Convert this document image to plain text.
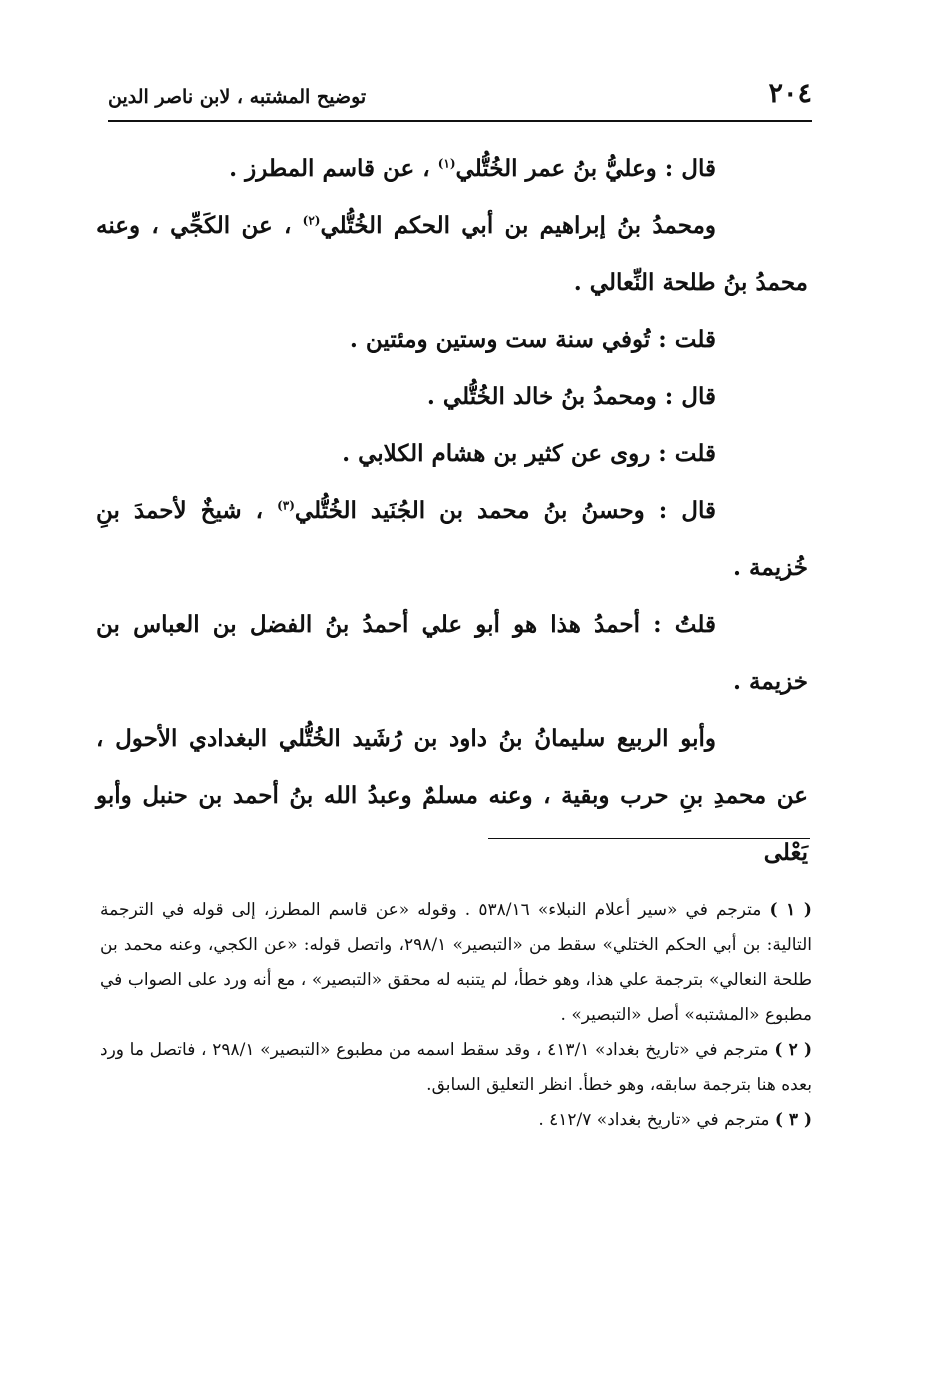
٢٠٤
توضيح المشتبه ، لابن ناصر الدين

قال : وعليُّ بنُ عمر الخُتُّلي$^{(١)}$ ، عن قاسم المطرز .

ومحمدُ بنُ إبراهيم بن أبي الحكم الخُتُّلي$^{(٢)}$ ، عن الكَجِّي ، وعنه محمدُ بنُ طلحة النِّعالي .

قلت : تُوفي سنة ست وستين ومئتين .

قال : ومحمدُ بنُ خالد الخُتُّلي .

قلت : روى عن كثير بن هشام الكلابي .

قال : وحسنُ بنُ محمد بن الجُنَيد الخُتُّلي$^{(٣)}$ ، شيخٌ لأحمدَ بنِ خُزيمة .

قلتُ : أحمدُ هذا هو أبو علي أحمدُ بنُ الفضل بن العباس بن خزيمة .

وأبو الربيع سليمانُ بنُ داود بن رُشَيد الخُتُّلي البغدادي الأحول ، عن محمدِ بنِ حرب وبقية ، وعنه مسلمٌ وعبدُ الله بنُ أحمد بن حنبل وأبو يَعْلى

( ١ ) مترجم في «سير أعلام النبلاء» ٥٣٨/١٦ . وقوله «عن قاسم المطرز، إلى قوله في الترجمة التالية: بن أبي الحكم الختلي» سقط من «التبصير» ٢٩٨/١، واتصل قوله: «عن الكجي، وعنه محمد بن طلحة النعالي» بترجمة علي هذا، وهو خطأ، لم يتنبه له محقق «التبصير» ، مع أنه ورد على الصواب في مطبوع «المشتبه» أصل «التبصير» .

( ٢ ) مترجم في «تاريخ بغداد» ٤١٣/١ ، وقد سقط اسمه من مطبوع «التبصير» ٢٩٨/١ ، فاتصل ما ورد بعده هنا بترجمة سابقه، وهو خطأ. انظر التعليق السابق.

( ٣ ) مترجم في «تاريخ بغداد» ٤١٢/٧ .
